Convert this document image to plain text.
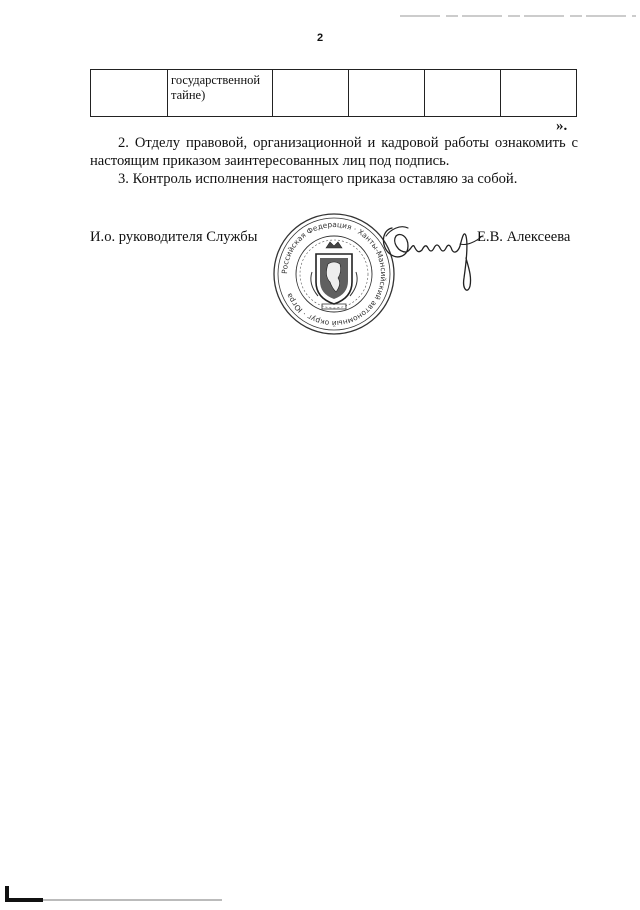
2
	государственной
тайне)				
».

2. Отделу правовой, организационной и кадровой работы ознакомить с настоящим приказом заинтересованных лиц под подпись.

3. Контроль исполнения настоящего приказа оставляю за собой.

И.о. руководителя Службы
Российская Федерация · Ханты-Мансийский автономный округ · Югра
Е.В. Алексеева
